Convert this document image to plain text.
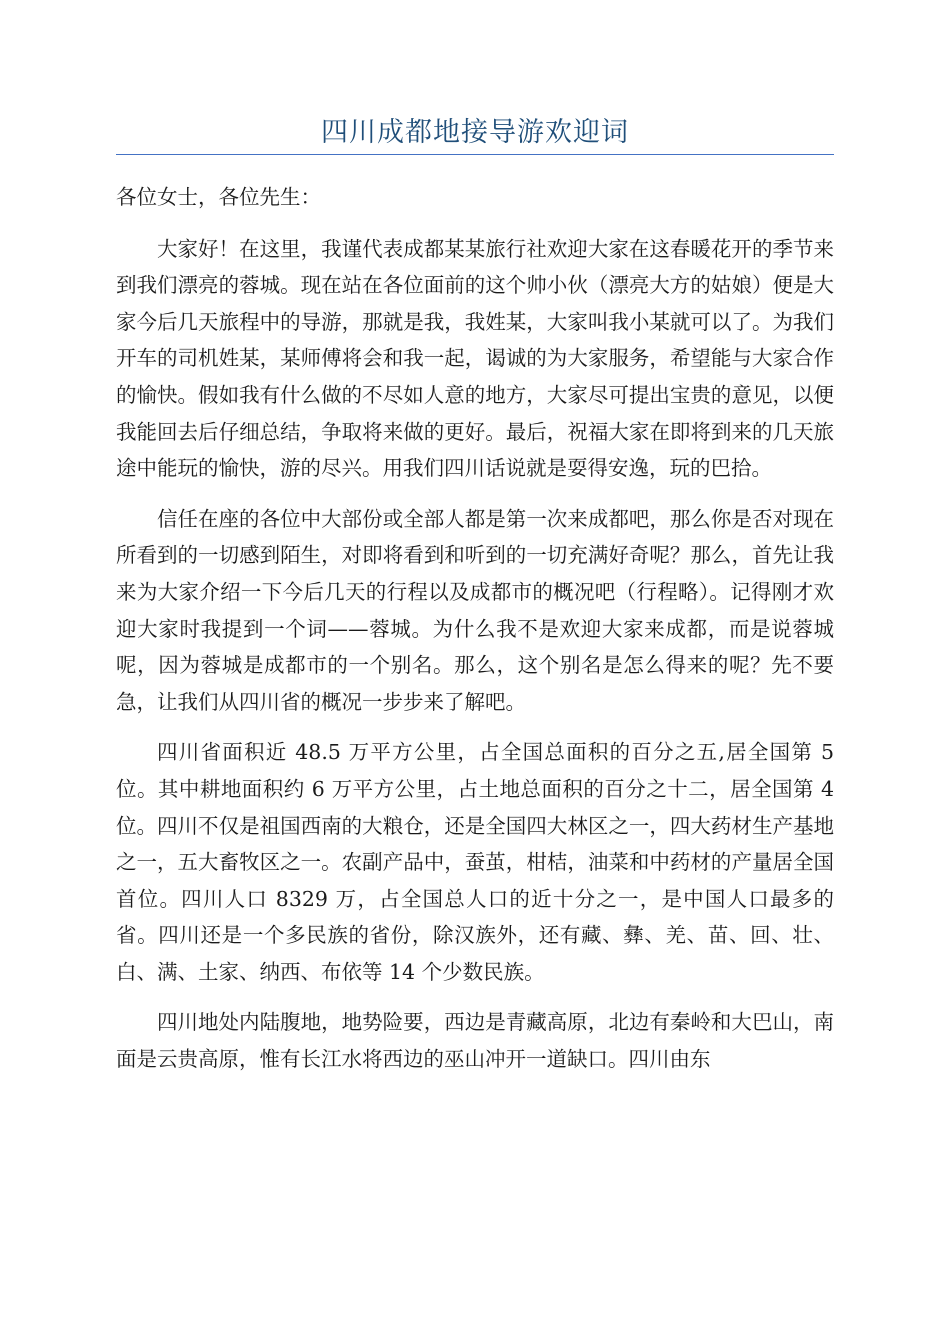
四川成都地接导游欢迎词

各位女士，各位先生：

大家好！在这里，我谨代表成都某某旅行社欢迎大家在这春暖花开的季节来到我们漂亮的蓉城。现在站在各位面前的这个帅小伙（漂亮大方的姑娘）便是大家今后几天旅程中的导游，那就是我，我姓某，大家叫我小某就可以了。为我们开车的司机姓某，某师傅将会和我一起，谒诚的为大家服务，希望能与大家合作的愉快。假如我有什么做的不尽如人意的地方，大家尽可提出宝贵的意见，以便我能回去后仔细总结，争取将来做的更好。最后，祝福大家在即将到来的几天旅途中能玩的愉快，游的尽兴。用我们四川话说就是耍得安逸，玩的巴拾。

信任在座的各位中大部份或全部人都是第一次来成都吧，那么你是否对现在所看到的一切感到陌生，对即将看到和听到的一切充满好奇呢？那么，首先让我来为大家介绍一下今后几天的行程以及成都市的概况吧（行程略）。记得刚才欢迎大家时我提到一个词——蓉城。为什么我不是欢迎大家来成都，而是说蓉城呢，因为蓉城是成都市的一个别名。那么，这个别名是怎么得来的呢？先不要急，让我们从四川省的概况一步步来了解吧。

四川省面积近 48.5 万平方公里，占全国总面积的百分之五,居全国第 5 位。其中耕地面积约 6 万平方公里，占土地总面积的百分之十二，居全国第 4 位。四川不仅是祖国西南的大粮仓，还是全国四大林区之一，四大药材生产基地之一，五大畜牧区之一。农副产品中，蚕茧，柑桔，油菜和中药材的产量居全国首位。四川人口 8329 万，占全国总人口的近十分之一，是中国人口最多的省。四川还是一个多民族的省份，除汉族外，还有藏、彝、羌、苗、回、壮、白、满、土家、纳西、布依等 14 个少数民族。

四川地处内陆腹地，地势险要，西边是青藏高原，北边有秦岭和大巴山，南面是云贵高原，惟有长江水将西边的巫山冲开一道缺口。四川由东
